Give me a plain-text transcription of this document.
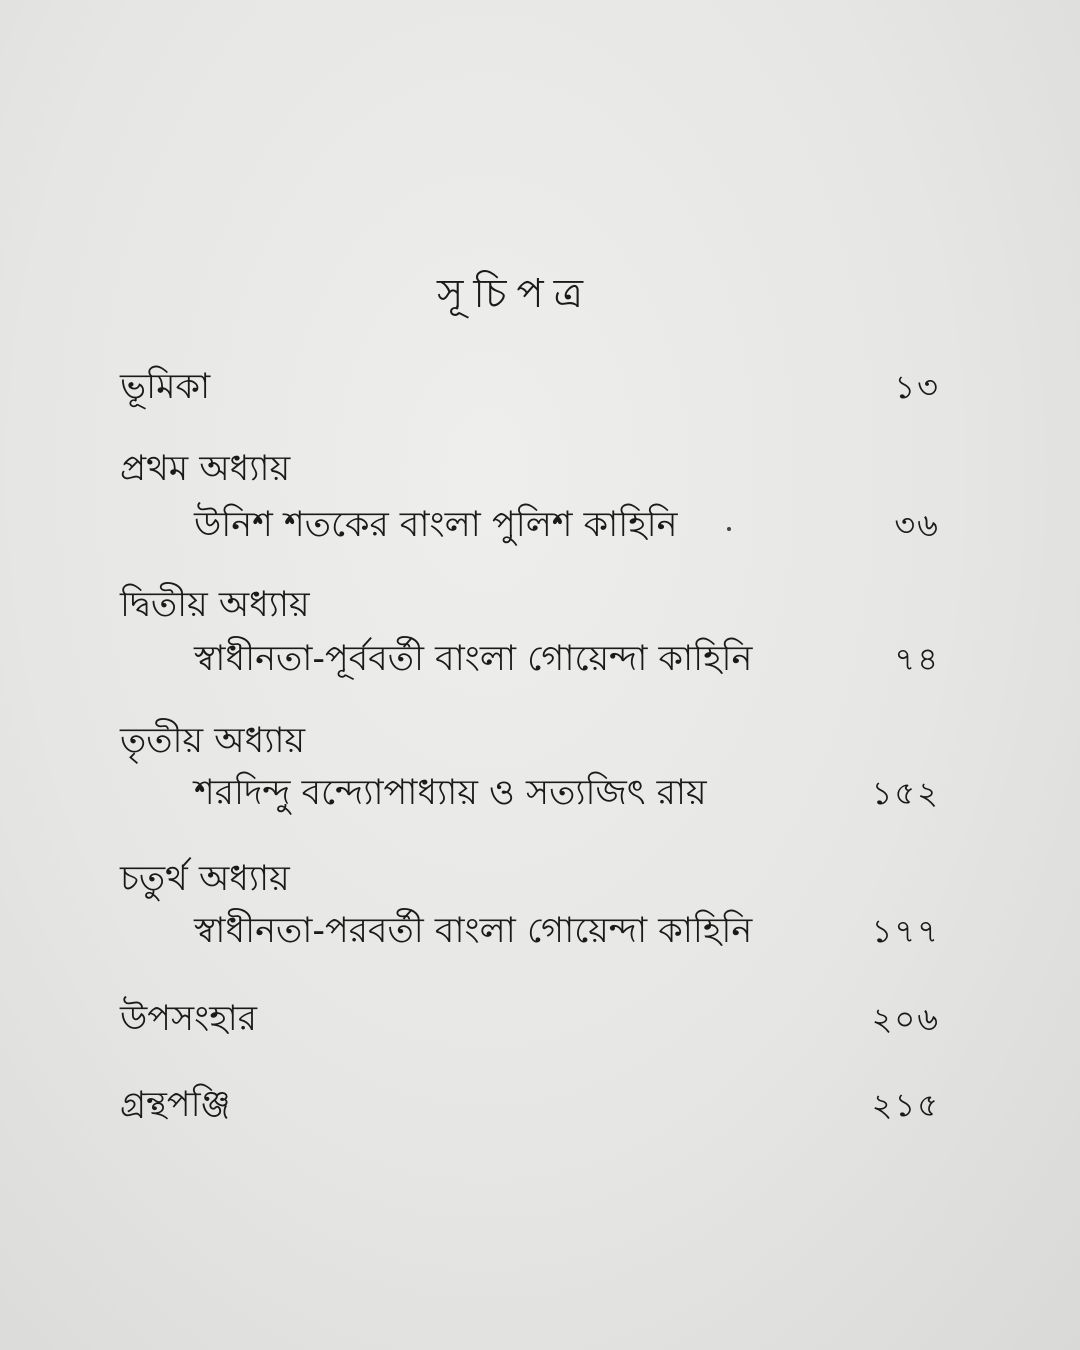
সূচিপত্র
ভূমিকা	১৩
প্রথম অধ্যায়
উনিশ শতকের বাংলা পুলিশ কাহিনি	৩৬
দ্বিতীয় অধ্যায়
স্বাধীনতা-পূর্ববর্তী বাংলা গোয়েন্দা কাহিনি	৭৪
তৃতীয় অধ্যায়
শরদিন্দু বন্দ্যোপাধ্যায় ও সত্যজিৎ রায়	১৫২
চতুর্থ অধ্যায়
স্বাধীনতা-পরবর্তী বাংলা গোয়েন্দা কাহিনি	১৭৭
উপসংহার	২০৬
গ্রন্থপঞ্জি	২১৫
